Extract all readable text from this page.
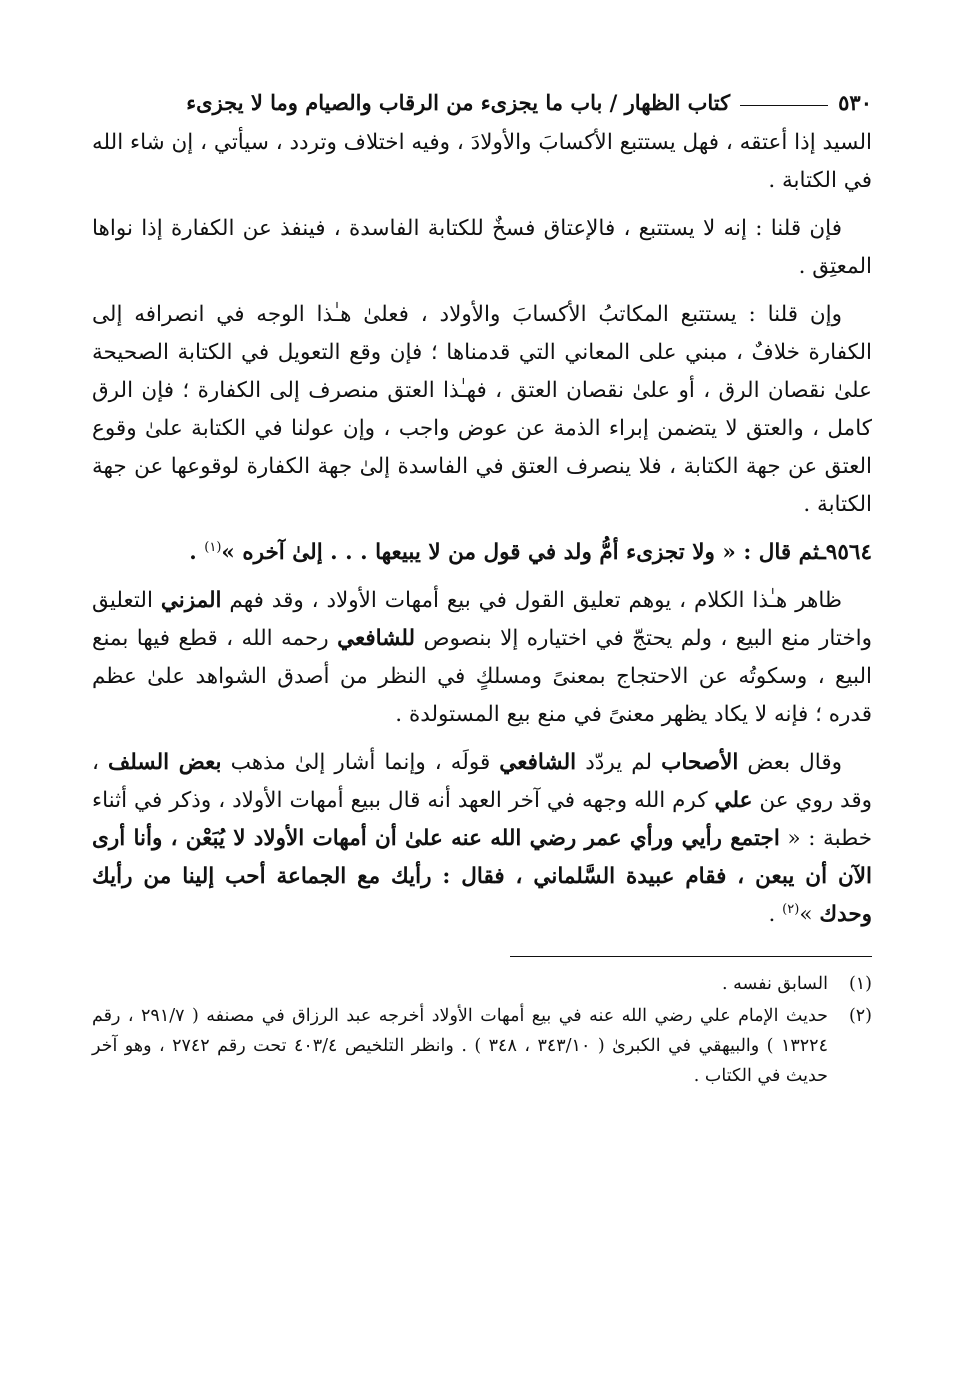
٥٣٠
كتاب الظهار / باب ما يجزىء من الرقاب والصيام وما لا يجزىء

السيد إذا أعتقه ، فهل يستتبع الأكسابَ والأولادَ ، وفيه اختلاف وتردد ، سيأتي ، إن شاء الله في الكتابة .

فإن قلنا : إنه لا يستتبع ، فالإعتاق فسخٌ للكتابة الفاسدة ، فينفذ عن الكفارة إذا نواها المعتِق .

وإن قلنا : يستتبع المكاتبُ الأكسابَ والأولاد ، فعلىٰ هـٰذا الوجه في انصرافه إلى الكفارة خلافٌ ، مبني على المعاني التي قدمناها ؛ فإن وقع التعويل في الكتابة الصحيحة علىٰ نقصان الرق ، أو علىٰ نقصان العتق ، فهـٰذا العتق منصرف إلى الكفارة ؛ فإن الرق كامل ، والعتق لا يتضمن إبراء الذمة عن عوض واجب ، وإن عولنا في الكتابة علىٰ وقوع العتق عن جهة الكتابة ، فلا ينصرف العتق في الفاسدة إلىٰ جهة الكفارة لوقوعها عن جهة الكتابة .

٩٥٦٤ـثم قال : « ولا تجزىء أمُّ ولد في قول من لا يبيعها . . . إلىٰ آخره »$^{(١)}$ .

ظاهر هـٰذا الكلام ، يوهم تعليق القول في بيع أمهات الأولاد ، وقد فهم المزني التعليق واختار منع البيع ، ولم يحتجّ في اختياره إلا بنصوص للشافعي رحمه الله ، قطع فيها بمنع البيع ، وسكوتُه عن الاحتجاج بمعنىً ومسلكٍ في النظر من أصدق الشواهد علىٰ عظم قدره ؛ فإنه لا يكاد يظهر معنىً في منع بيع المستولدة .

وقال بعض الأصحاب لم يردّد الشافعي قولَه ، وإنما أشار إلىٰ مذهب بعض السلف ، وقد روي عن علي كرم الله وجهه في آخر العهد أنه قال ببيع أمهات الأولاد ، وذكر في أثناء خطبة : « اجتمع رأيي ورأي عمر رضي الله عنه علىٰ أن أمهات الأولاد لا يُبَعْن ، وأنا أرى الآن أن يبعن ، فقام عبيدة السَّلماني ، فقال : رأيك مع الجماعة أحب إلينا من رأيك وحدك »$^{(٢)}$ .

(١)
السابق نفسه .
(٢)
حديث الإمام علي رضي الله عنه في بيع أمهات الأولاد أخرجه عبد الرزاق في مصنفه ( ٢٩١/٧ ، رقم ١٣٢٢٤ ) والبيهقي في الكبرىٰ ( ٣٤٣/١٠ ، ٣٤٨ ) . وانظر التلخيص ٤٠٣/٤ تحت رقم ٢٧٤٢ ، وهو آخر حديث في الكتاب .
